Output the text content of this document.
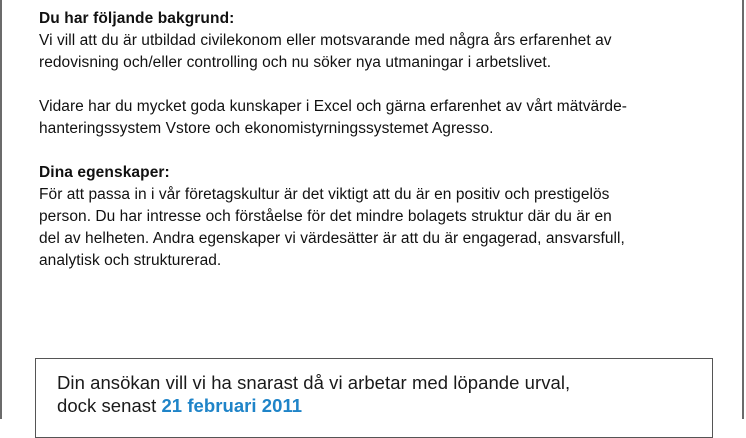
Du har följande bakgrund:

Vi vill att du är utbildad civilekonom eller motsvarande med några års erfarenhet av

redovisning och/eller controlling och nu söker nya utmaningar i arbetslivet.

Vidare har du mycket goda kunskaper i Excel och gärna erfarenhet av vårt mätvärde-

hanteringssystem Vstore och ekonomistyrningssystemet Agresso.

Dina egenskaper:

För att passa in i vår företagskultur är det viktigt att du är en positiv och prestigelös

person. Du har intresse och förståelse för det mindre bolagets struktur där du är en

del av helheten. Andra egenskaper vi värdesätter är att du är engagerad, ansvarsfull,

analytisk och strukturerad.

Din ansökan vill vi ha snarast då vi arbetar med löpande urval,

dock senast 21 februari 2011
